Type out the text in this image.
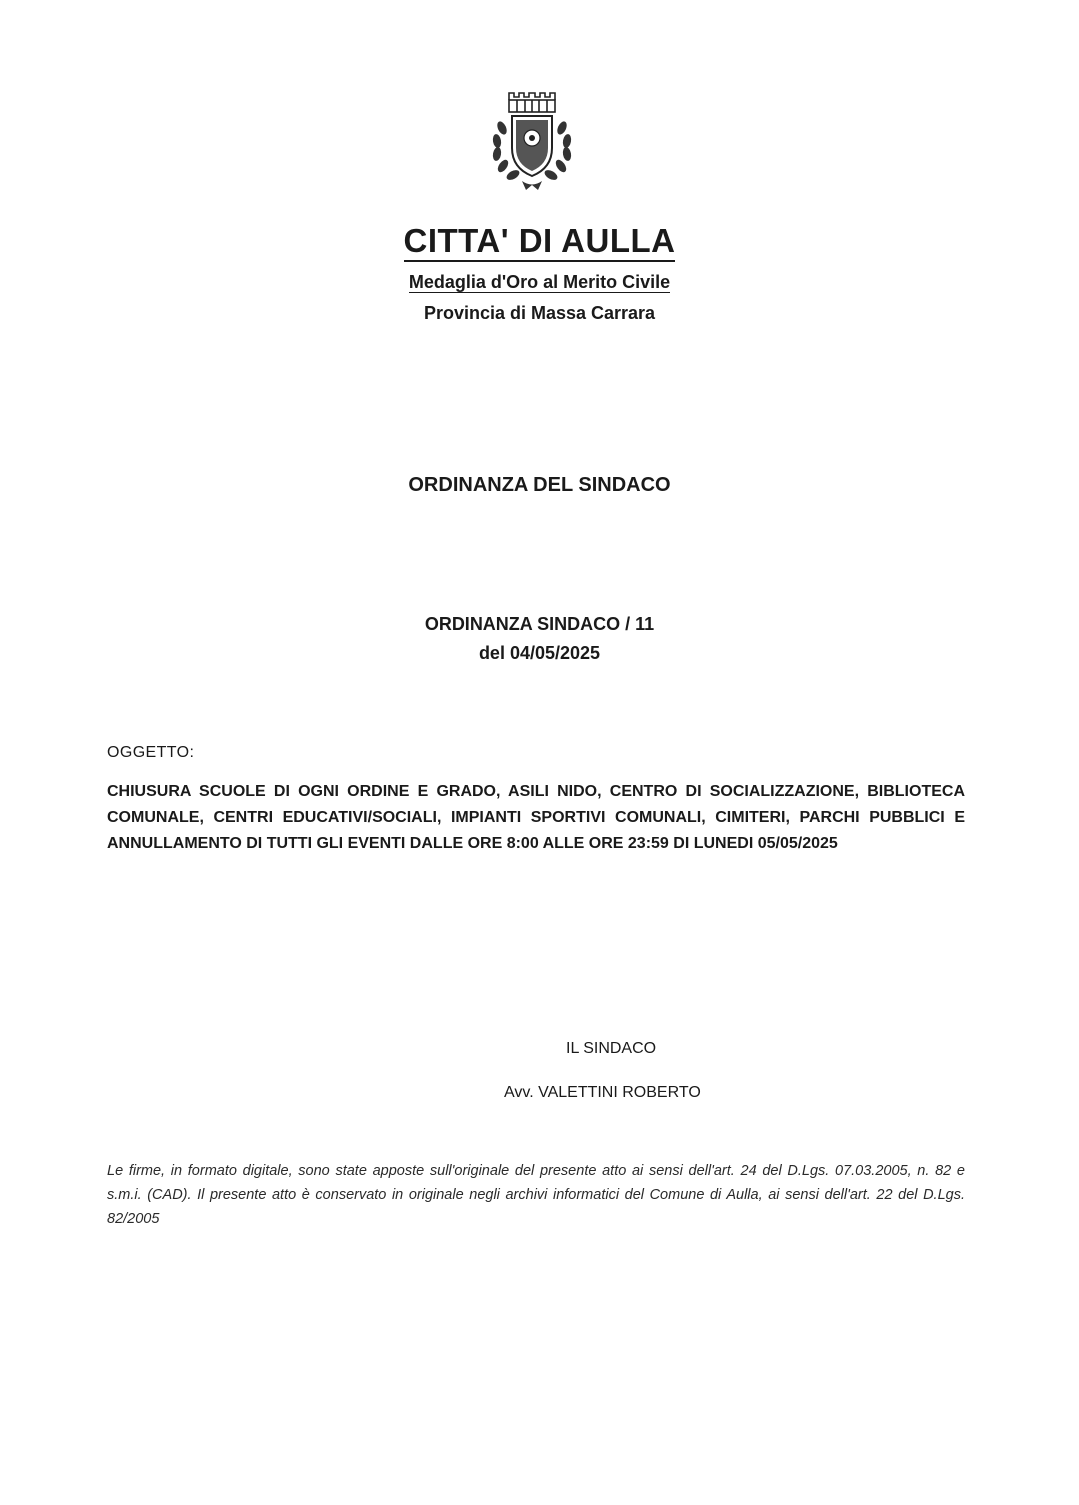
CITTA' DI AULLA
Medaglia d'Oro al Merito Civile
Provincia di Massa Carrara
ORDINANZA DEL SINDACO
ORDINANZA SINDACO / 11
del 04/05/2025
OGGETTO:
CHIUSURA SCUOLE DI OGNI ORDINE E GRADO, ASILI NIDO, CENTRO DI SOCIALIZZAZIONE, BIBLIOTECA COMUNALE, CENTRI EDUCATIVI/SOCIALI, IMPIANTI SPORTIVI COMUNALI, CIMITERI, PARCHI PUBBLICI E ANNULLAMENTO DI TUTTI GLI EVENTI DALLE ORE 8:00 ALLE ORE 23:59 DI LUNEDI 05/05/2025
IL SINDACO
Avv. VALETTINI ROBERTO
Le firme, in formato digitale, sono state apposte sull'originale del presente atto ai sensi dell'art. 24 del D.Lgs. 07.03.2005, n. 82 e s.m.i. (CAD). Il presente atto è conservato in originale negli archivi informatici del Comune di Aulla, ai sensi dell'art. 22 del D.Lgs. 82/2005
